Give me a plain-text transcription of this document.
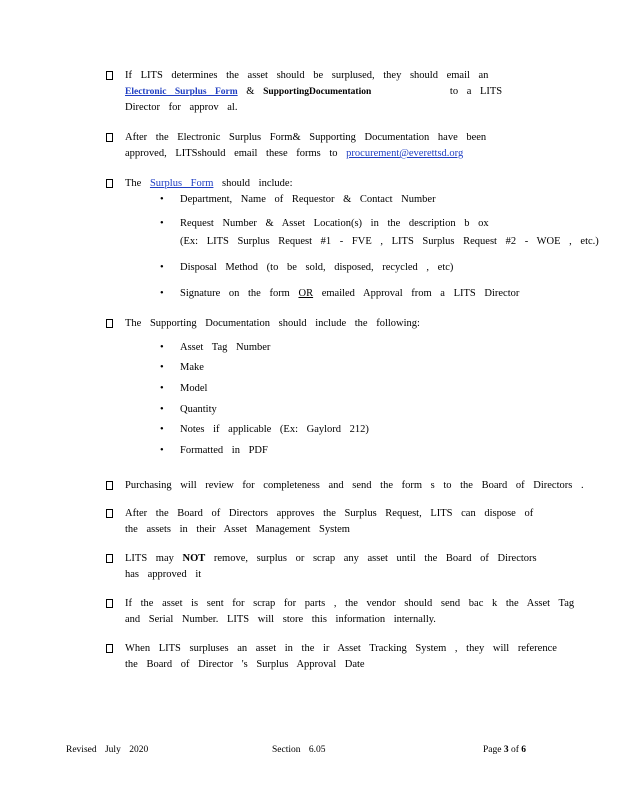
If LITS determines the asset should be surplused, they should email an
Electronic Surplus Form & SupportingDocumentation	to a LITS
Director for approv al.
After the Electronic Surplus Form& Supporting Documentation have been
approved, LITSshould email these forms to procurement@everettsd.org
The Surplus Form should include:
• Department, Name of Requestor & Contact Number
• Request Number & Asset Location(s) in the description b ox
(Ex: LITS Surplus Request #1 - FVE , LITS Surplus Request #2 - WOE , etc.)
• Disposal Method (to be sold, disposed, recycled , etc)
• Signature on the form OR emailed Approval from a LITS Director
The Supporting Documentation should include the following:
• Asset Tag Number
• Make
• Model
• Quantity
• Notes if applicable (Ex: Gaylord 212)
• Formatted in PDF
Purchasing will review for completeness and send the form s to the Board of Directors .
After the Board of Directors approves the Surplus Request, LITS can dispose of
the assets in their Asset Management System
LITS may NOT remove, surplus or scrap any asset until the Board of Directors
has approved it
If the asset is sent for scrap for parts , the vendor should send bac k the Asset Tag
and Serial Number. LITS will store this information internally.
When LITS surpluses an asset in the ir Asset Tracking System , they will reference
the Board of Director 's Surplus Approval Date
Revised July 2020	Section 6.05	Page 3 of 6
